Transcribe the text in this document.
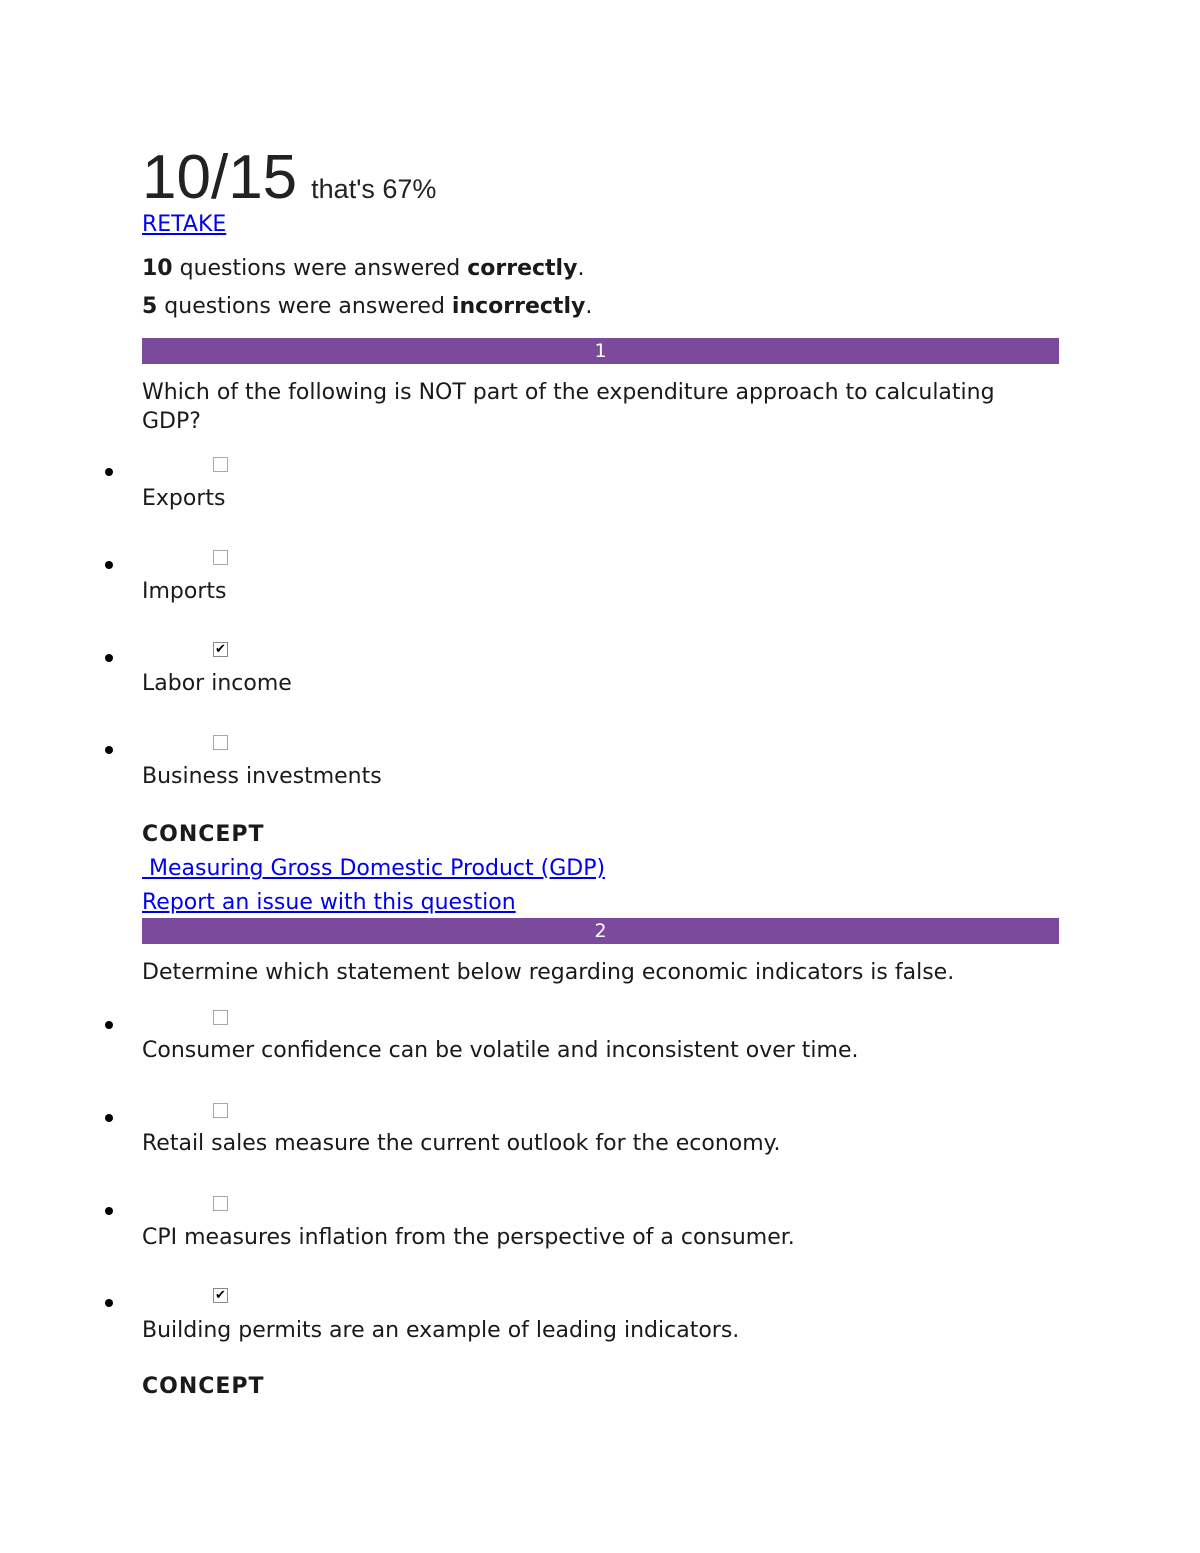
10/15 that's 67%
RETAKE
10 questions were answered correctly.
5 questions were answered incorrectly.
1
Which of the following is NOT part of the expenditure approach to calculating GDP?
Exports
Imports
✔
Labor income
Business investments
CONCEPT
Measuring Gross Domestic Product (GDP)
Report an issue with this question
2
Determine which statement below regarding economic indicators is false.
Consumer confidence can be volatile and inconsistent over time.
Retail sales measure the current outlook for the economy.
CPI measures inflation from the perspective of a consumer.
✔
Building permits are an example of leading indicators.
CONCEPT
